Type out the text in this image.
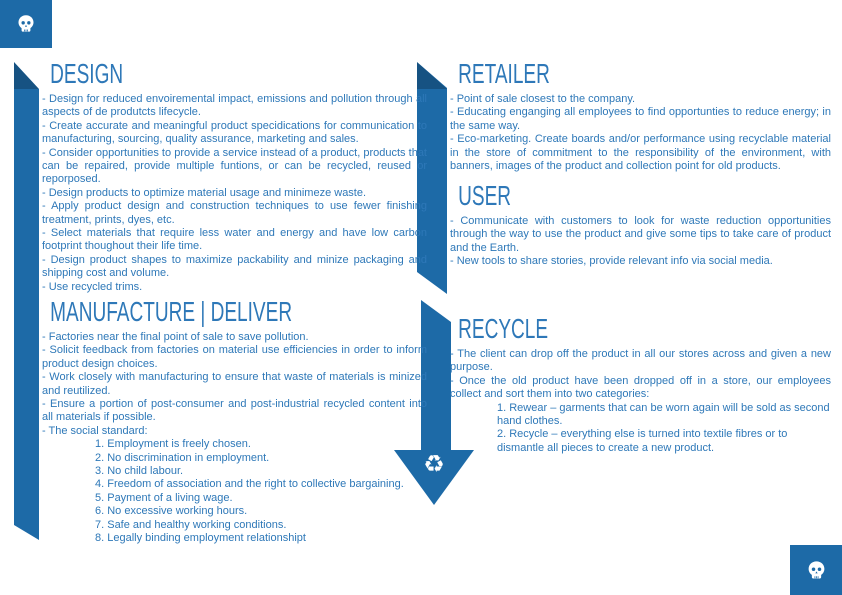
♻
DESIGN

- Design for reduced envoiremental impact, emissions and pollution through all aspects of de produtcts lifecycle.

- Create accurate and meaningful product specidications for communication to manufacturing, sourcing, quality assurance, marketing and sales.

- Consider opportunities to provide a service instead of a product, products that can be repaired, provide multiple funtions, or can be recycled, reused or reporposed.

- Design products to optimize material usage and minimeze waste.

- Apply product design and construction techniques to use fewer finishing treatment, prints, dyes, etc.

- Select materials that require less water and energy and have low carbon footprint thoughout their life time.

- Design product shapes to maximize packability and minize packaging and shipping cost and volume.

- Use recycled trims.

MANUFACTURE | DELIVER

- Factories near the final point of sale to save pollution.

- Solicit feedback from factories on material use efficiencies in order to inform product design choices.

- Work closely with manufacturing to ensure that waste of materials is minized and reutilized.

- Ensure a portion of post-consumer and post-industrial recycled content into all materials if possible.

- The social standard:

1. Employment is freely chosen.

2. No discrimination in employment.

3. No child labour.

4. Freedom of association and the right to collective bargaining.

5. Payment of a living wage.

6. No excessive working hours.

7. Safe and healthy working conditions.

8. Legally binding employment relationshipt

RETAILER

- Point of sale closest to the company.

- Educating enganging all employees to find opportunties to reduce energy; in the same way.

- Eco-marketing. Create boards and/or performance using recyclable material in the store of commitment to the responsibility of the environment, with banners, images of the product and collection point for old products.

USER

- Communicate with customers to look for waste reduction opportunities through the way to use the product and give some tips to take care of product and the Earth.

- New tools to share stories, provide relevant info via social media.

RECYCLE

- The client can drop off the product in all our stores across and given a new purpose.

- Once the old product have been dropped off in a store, our employees collect and sort them into two categories:

1. Rewear – garments that can be worn again will be sold as second hand clothes.

2. Recycle – everything else is turned into textile fibres or to dismantle all pieces to create a new product.
